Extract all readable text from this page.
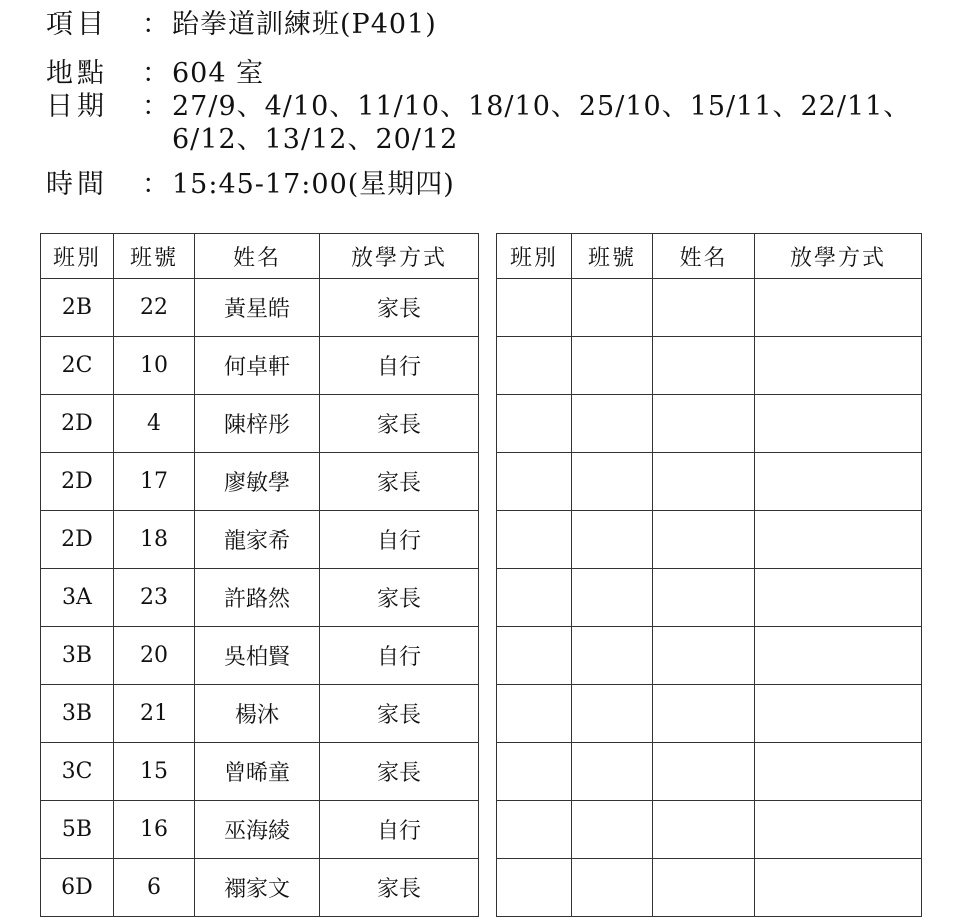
項目	： 跆拳道訓練班(P401)
地點	： 604 室
日期	： 27/9、4/10、11/10、18/10、25/10、15/11、22/11、
6/12、13/12、20/12
時間	： 15:45-17:00(星期四)
班別	班號	姓名	放學方式
2B	22	黃星皓	家長
2C	10	何卓軒	自行
2D	4	陳梓彤	家長
2D	17	廖敏學	家長
2D	18	龍家希	自行
3A	23	許路然	家長
3B	20	吳柏賢	自行
3B	21	楊沐	家長
3C	15	曾晞童	家長
5B	16	巫海綾	自行
6D	6	禤家文	家長
班別	班號	姓名	放學方式
